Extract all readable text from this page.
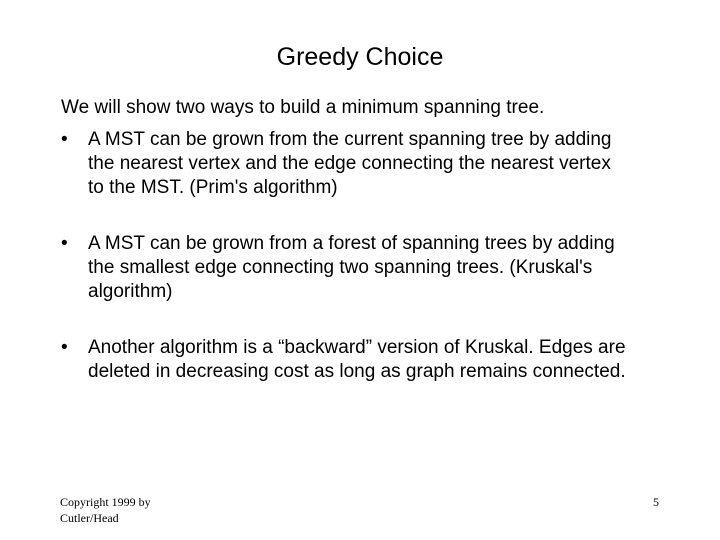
Greedy Choice
We will show two ways to build a minimum spanning tree.
•	A MST can be grown from the current spanning tree by adding
the nearest vertex and the edge connecting the nearest vertex
to the MST. (Prim's algorithm)
•	A MST can be grown from a forest of spanning trees by adding
the smallest edge connecting two spanning trees. (Kruskal's
algorithm)
•	Another algorithm is a “backward” version of Kruskal. Edges are
deleted in decreasing cost as long as graph remains connected.
Copyright 1999 by
Cutler/Head
5
